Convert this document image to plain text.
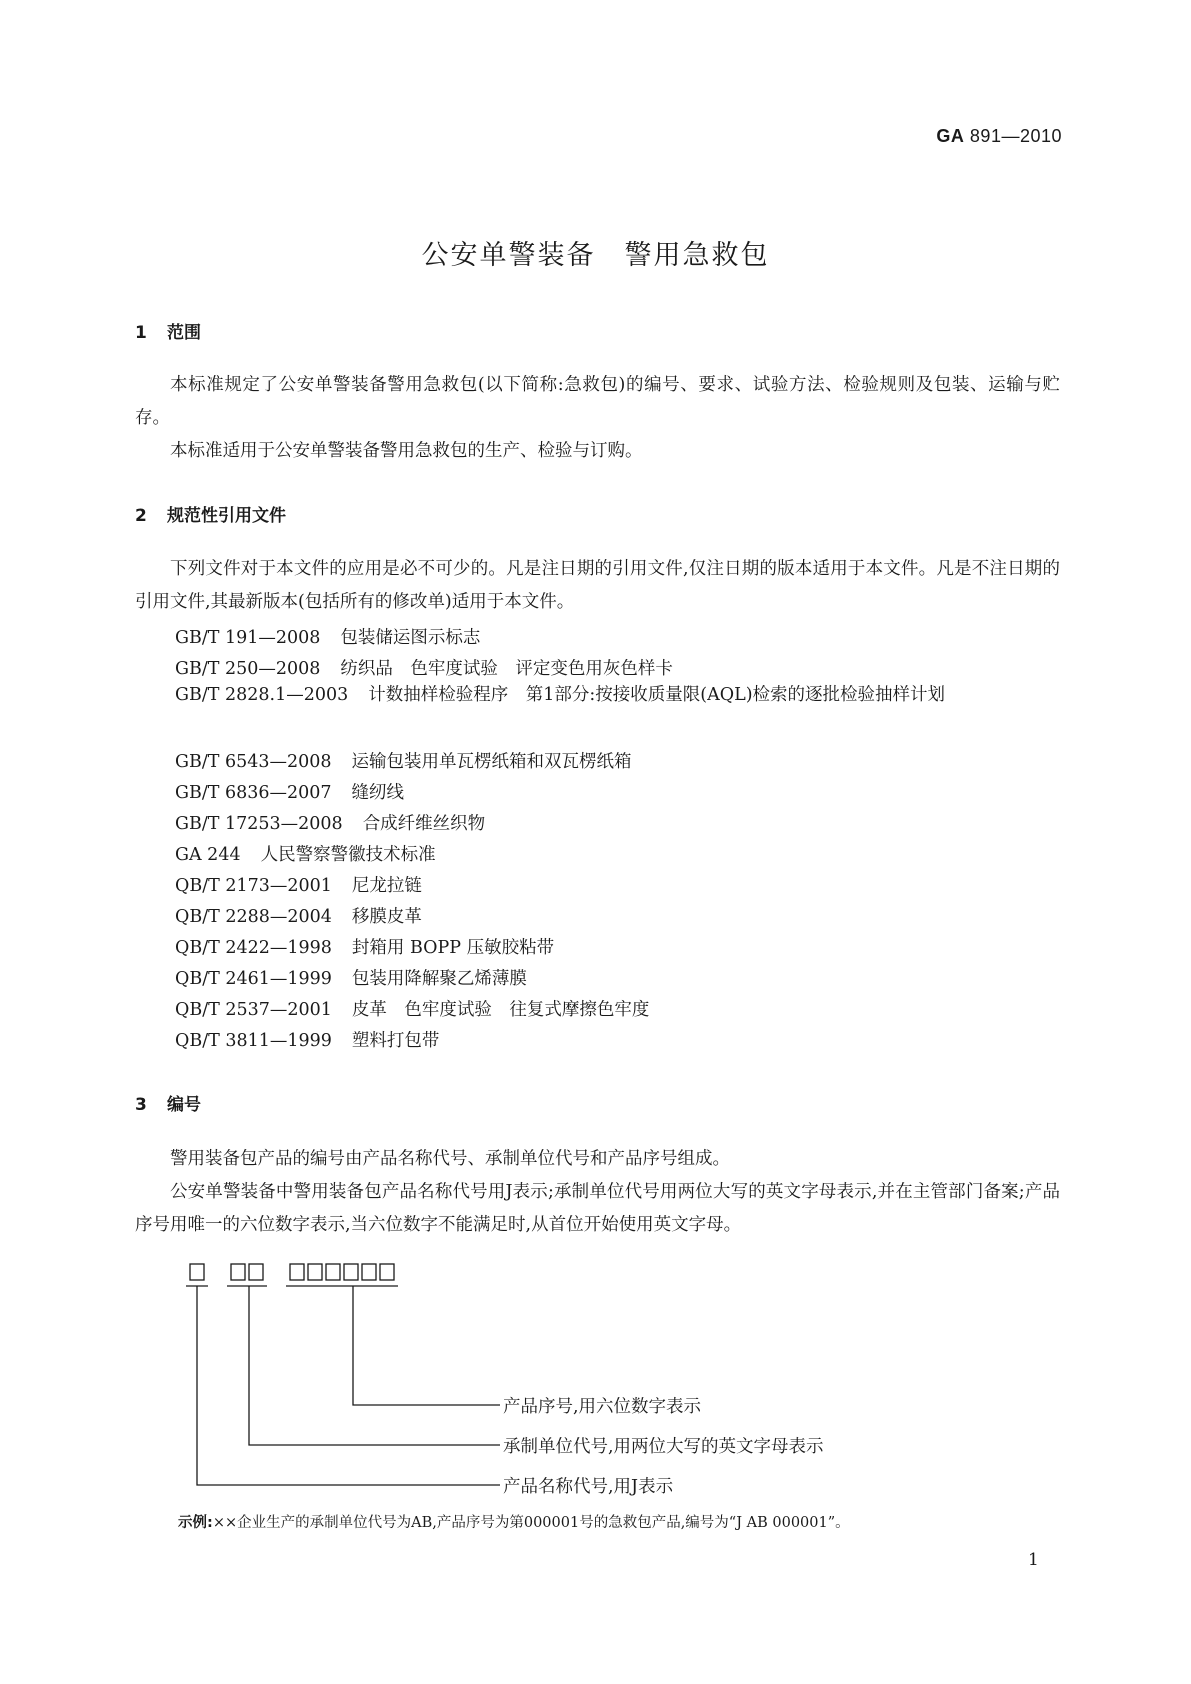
GA 891—2010
公安单警装备　警用急救包
1 范围
本标准规定了公安单警装备警用急救包(以下简称:急救包)的编号、要求、试验方法、检验规则及包装、运输与贮存。
本标准适用于公安单警装备警用急救包的生产、检验与订购。
2 规范性引用文件
下列文件对于本文件的应用是必不可少的。凡是注日期的引用文件,仅注日期的版本适用于本文件。凡是不注日期的引用文件,其最新版本(包括所有的修改单)适用于本文件。
GB/T 191—2008 包装储运图示标志
GB/T 250—2008 纺织品　色牢度试验　评定变色用灰色样卡
GB/T 2828.1—2003 计数抽样检验程序　第1部分:按接收质量限(AQL)检索的逐批检验抽样计划
GB/T 6543—2008 运输包装用单瓦楞纸箱和双瓦楞纸箱
GB/T 6836—2007 缝纫线
GB/T 17253—2008 合成纤维丝织物
GA 244 人民警察警徽技术标准
QB/T 2173—2001 尼龙拉链
QB/T 2288—2004 移膜皮革
QB/T 2422—1998 封箱用 BOPP 压敏胶粘带
QB/T 2461—1999 包装用降解聚乙烯薄膜
QB/T 2537—2001 皮革　色牢度试验　往复式摩擦色牢度
QB/T 3811—1999 塑料打包带
3 编号
警用装备包产品的编号由产品名称代号、承制单位代号和产品序号组成。
公安单警装备中警用装备包产品名称代号用J表示;承制单位代号用两位大写的英文字母表示,并在主管部门备案;产品序号用唯一的六位数字表示,当六位数字不能满足时,从首位开始使用英文字母。
产品序号,用六位数字表示
承制单位代号,用两位大写的英文字母表示
产品名称代号,用J表示
示例:××企业生产的承制单位代号为AB,产品序号为第000001号的急救包产品,编号为“J AB 000001”。
1
